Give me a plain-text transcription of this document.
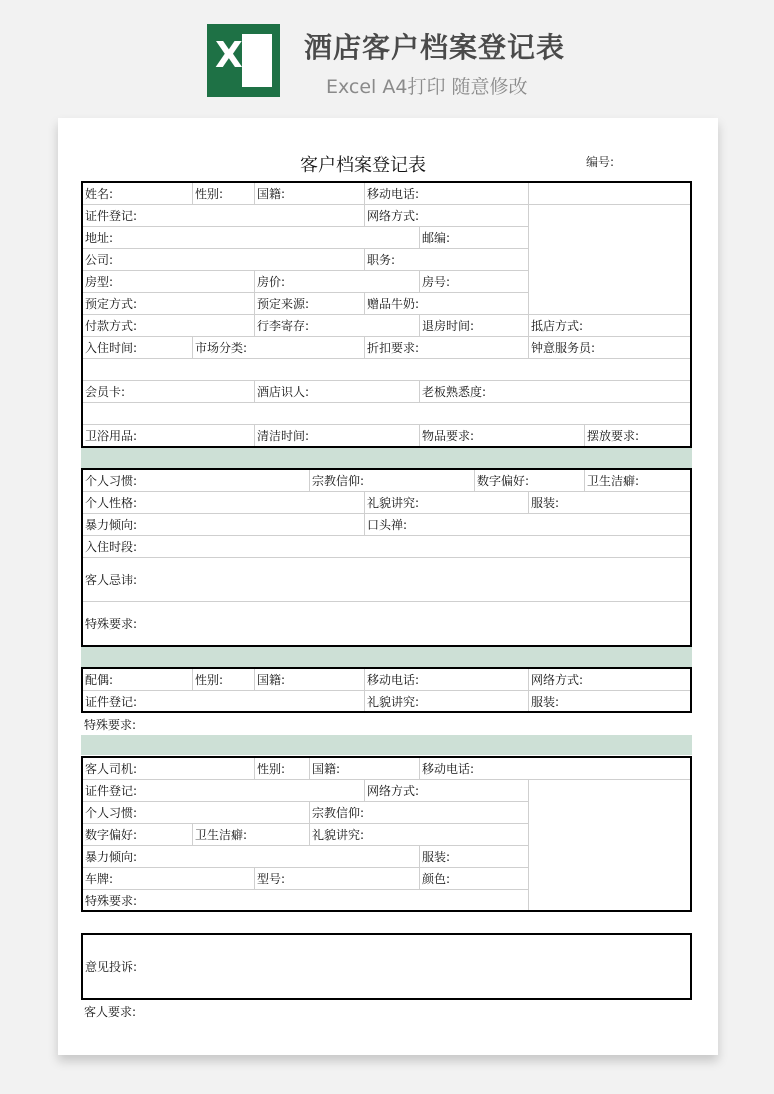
X 酒店客户档案登记表
Excel A4打印 随意修改
客户档案登记表	编号:
姓名:	性别:	国籍:	移动电话:
证件登记:	网络方式:
地址:	邮编:
公司:	职务:
房型:	房价:	房号:
预定方式:	预定来源:	赠品牛奶:
付款方式:	行李寄存:	退房时间:	抵店方式:
入住时间:	市场分类:	折扣要求:	钟意服务员:
会员卡:	酒店识人:	老板熟悉度:
卫浴用品:	清洁时间:	物品要求:	摆放要求:
个人习惯:	宗教信仰:	数字偏好:	卫生洁癖:
个人性格:	礼貌讲究:	服装:
暴力倾向:	口头禅:
入住时段:
客人忌讳:
特殊要求:
配偶:	性别:	国籍:	移动电话:	网络方式:
证件登记:	礼貌讲究:	服装:
特殊要求:
客人司机:	性别:	国籍:	移动电话:
证件登记:	网络方式:
个人习惯:	宗教信仰:
数字偏好:	卫生洁癖:	礼貌讲究:
暴力倾向:	服装:
车牌:	型号:	颜色:
特殊要求:
意见投诉:
客人要求:
